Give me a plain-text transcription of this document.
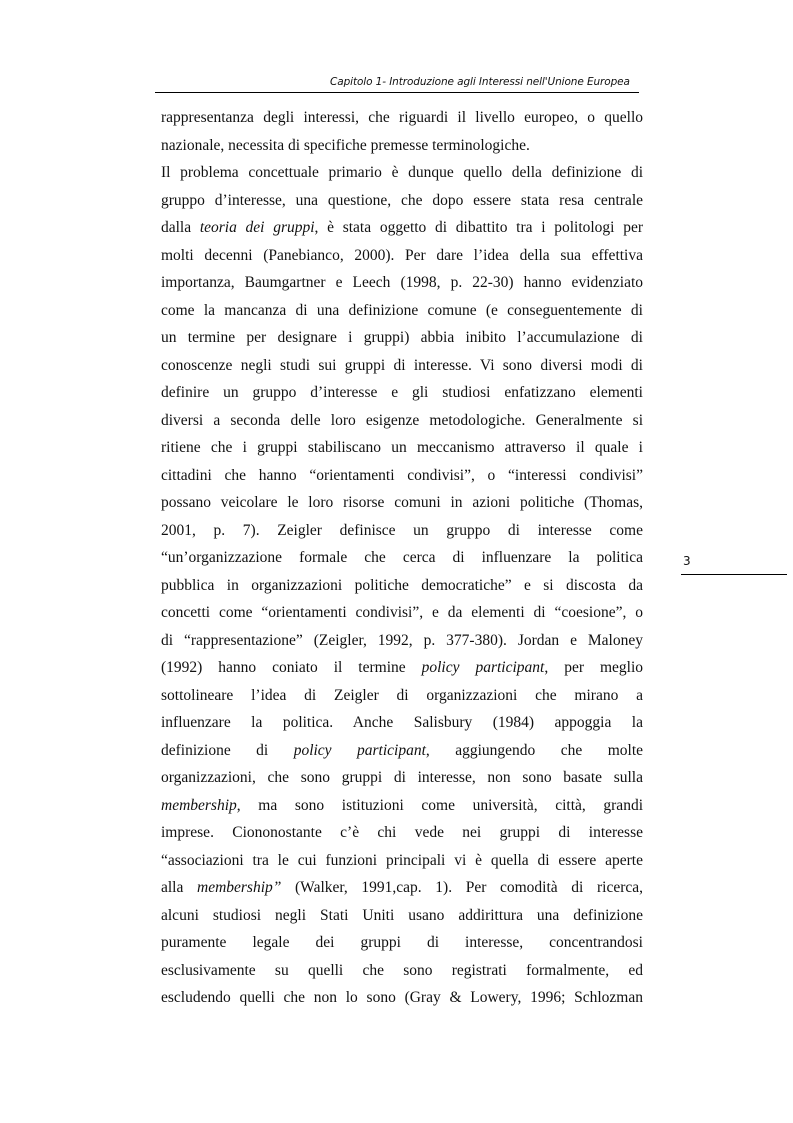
Capitolo 1- Introduzione agli Interessi nell'Unione Europea
rappresentanza degli interessi, che riguardi il livello europeo, o quello
nazionale, necessita di specifiche premesse terminologiche.
Il problema concettuale primario è dunque quello della definizione di
gruppo d’interesse, una questione, che dopo essere stata resa centrale
dalla teoria dei gruppi, è stata oggetto di dibattito tra i politologi per
molti decenni (Panebianco, 2000). Per dare l’idea della sua effettiva
importanza, Baumgartner e Leech (1998, p. 22-30) hanno evidenziato
come la mancanza di una definizione comune (e conseguentemente di
un termine per designare i gruppi) abbia inibito l’accumulazione di
conoscenze negli studi sui gruppi di interesse. Vi sono diversi modi di
definire un gruppo d’interesse e gli studiosi enfatizzano elementi
diversi a seconda delle loro esigenze metodologiche. Generalmente si
ritiene che i gruppi stabiliscano un meccanismo attraverso il quale i
cittadini che hanno “orientamenti condivisi”, o “interessi condivisi”
possano veicolare le loro risorse comuni in azioni politiche (Thomas,
2001, p. 7). Zeigler definisce un gruppo di interesse come
“un’organizzazione formale che cerca di influenzare la politica
pubblica in organizzazioni politiche democratiche” e si discosta da
concetti come “orientamenti condivisi”, e da elementi di “coesione”, o
di “rappresentazione” (Zeigler, 1992, p. 377-380). Jordan e Maloney
(1992) hanno coniato il termine policy participant, per meglio
sottolineare l’idea di Zeigler di organizzazioni che mirano a
influenzare la politica. Anche Salisbury (1984) appoggia la
definizione di policy participant, aggiungendo che molte
organizzazioni, che sono gruppi di interesse, non sono basate sulla
membership, ma sono istituzioni come università, città, grandi
imprese. Ciononostante c’è chi vede nei gruppi di interesse
“associazioni tra le cui funzioni principali vi è quella di essere aperte
alla membership” (Walker, 1991,cap. 1). Per comodità di ricerca,
alcuni studiosi negli Stati Uniti usano addirittura una definizione
puramente legale dei gruppi di interesse, concentrandosi
esclusivamente su quelli che sono registrati formalmente, ed
escludendo quelli che non lo sono (Gray & Lowery, 1996; Schlozman
3
